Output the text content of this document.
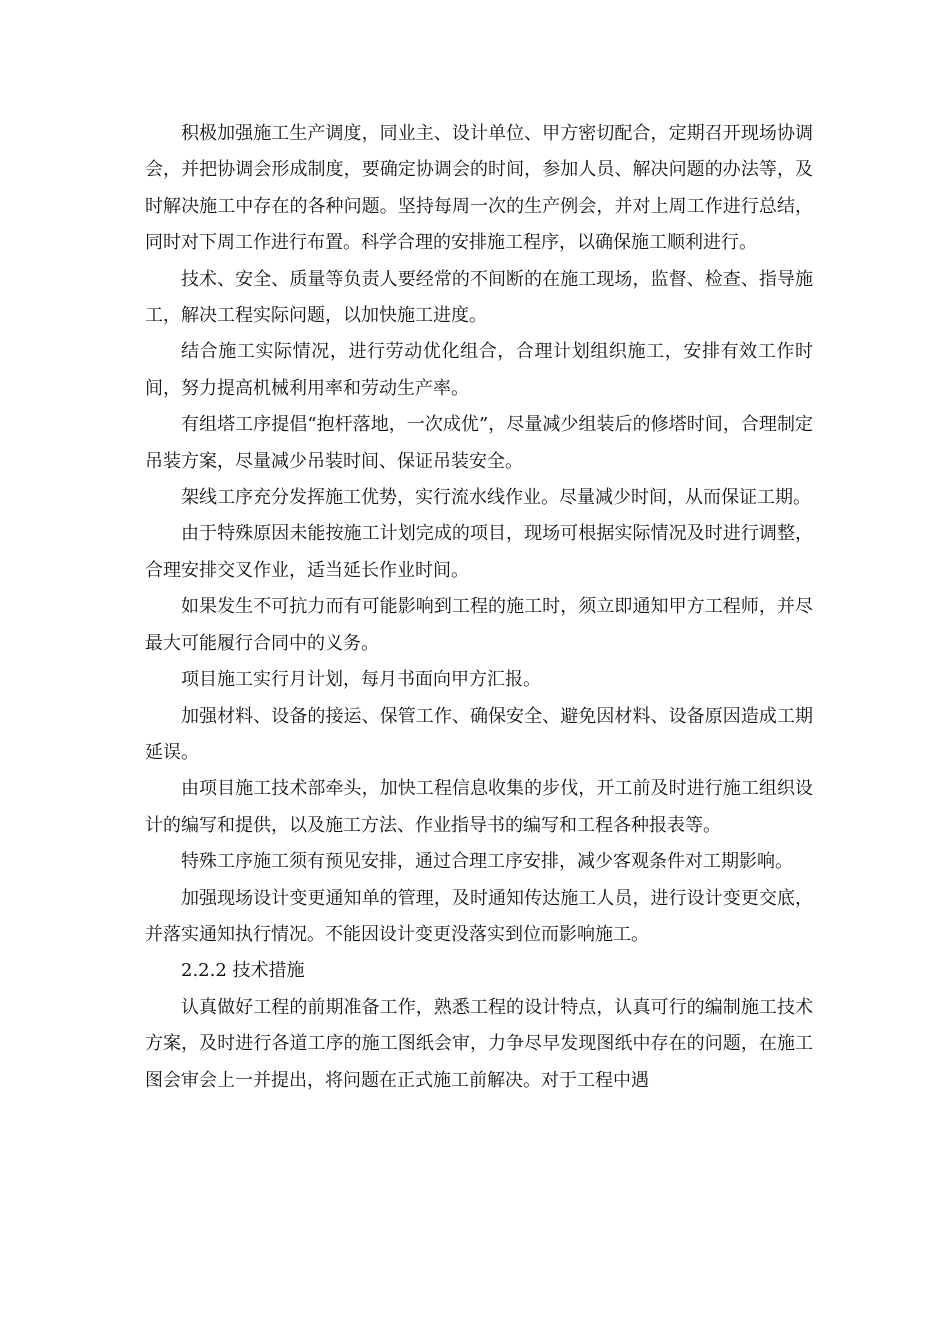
积极加强施工生产调度，同业主、设计单位、甲方密切配合，定期召开现场协调会，并把协调会形成制度，要确定协调会的时间，参加人员、解决问题的办法等，及时解决施工中存在的各种问题。坚持每周一次的生产例会，并对上周工作进行总结，同时对下周工作进行布置。科学合理的安排施工程序，以确保施工顺利进行。

技术、安全、质量等负责人要经常的不间断的在施工现场，监督、检查、指导施工，解决工程实际问题，以加快施工进度。

结合施工实际情况，进行劳动优化组合，合理计划组织施工，安排有效工作时间，努力提高机械利用率和劳动生产率。

有组塔工序提倡“抱杆落地，一次成优”，尽量减少组装后的修塔时间，合理制定吊装方案，尽量减少吊装时间、保证吊装安全。

架线工序充分发挥施工优势，实行流水线作业。尽量减少时间，从而保证工期。

由于特殊原因未能按施工计划完成的项目，现场可根据实际情况及时进行调整，合理安排交叉作业，适当延长作业时间。

如果发生不可抗力而有可能影响到工程的施工时，须立即通知甲方工程师，并尽最大可能履行合同中的义务。

项目施工实行月计划，每月书面向甲方汇报。

加强材料、设备的接运、保管工作、确保安全、避免因材料、设备原因造成工期延误。

由项目施工技术部牵头，加快工程信息收集的步伐，开工前及时进行施工组织设计的编写和提供，以及施工方法、作业指导书的编写和工程各种报表等。

特殊工序施工须有预见安排，通过合理工序安排，减少客观条件对工期影响。

加强现场设计变更通知单的管理，及时通知传达施工人员，进行设计变更交底，并落实通知执行情况。不能因设计变更没落实到位而影响施工。

2.2.2 技术措施

认真做好工程的前期准备工作，熟悉工程的设计特点，认真可行的编制施工技术方案，及时进行各道工序的施工图纸会审，力争尽早发现图纸中存在的问题，在施工图会审会上一并提出，将问题在正式施工前解决。对于工程中遇
